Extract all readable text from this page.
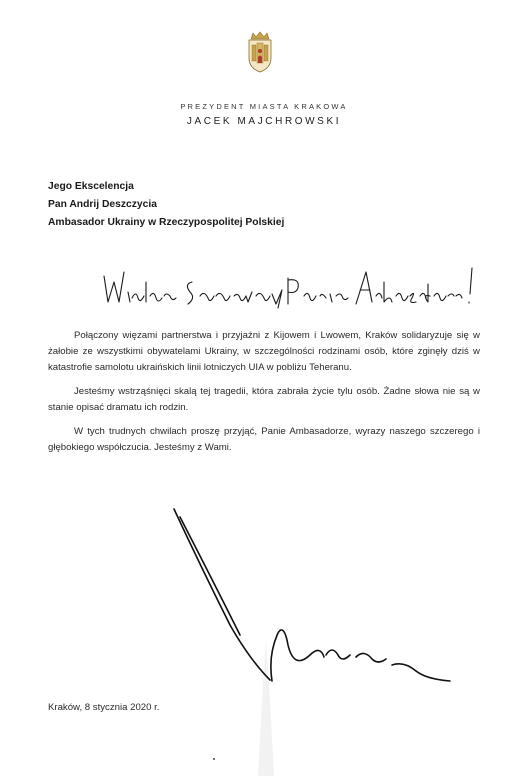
PREZYDENT MIASTA KRAKOWA
JACEK MAJCHROWSKI
Jego Ekscelencja
Pan Andrij Deszczycia
Ambasador Ukrainy w Rzeczypospolitej Polskiej

Połączony więzami partnerstwa i przyjaźni z Kijowem i Lwowem, Kraków solidaryzuje się w żałobie ze wszystkimi obywatelami Ukrainy, w szczególności rodzinami osób, które zginęły dziś w katastrofie samolotu ukraińskich linii lotniczych UIA w pobliżu Teheranu.

Jesteśmy wstrząśnięci skalą tej tragedii, która zabrała życie tylu osób. Żadne słowa nie są w stanie opisać dramatu ich rodzin.

W tych trudnych chwilach proszę przyjąć, Panie Ambasadorze, wyrazy naszego szczerego i głębokiego współczucia. Jesteśmy z Wami.

Kraków, 8 stycznia 2020 r.
